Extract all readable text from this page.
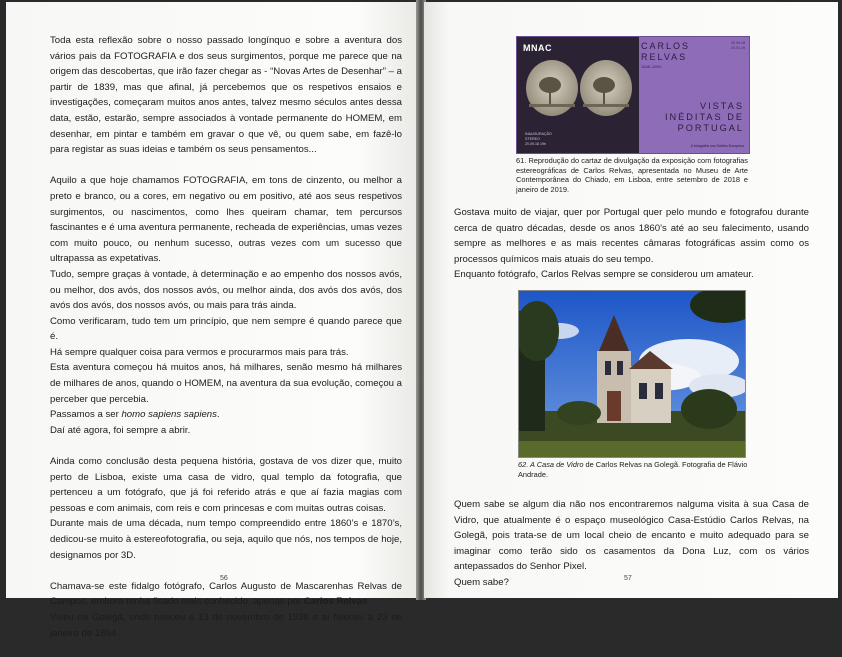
Toda esta reflexão sobre o nosso passado longínquo e sobre a aventura dos vários pais da FOTOGRAFIA e dos seus surgimentos, porque me parece que na origem das descobertas, que irão fazer chegar as - “Novas Artes de Desenhar” – a partir de 1839, mas que afinal, já percebemos que os respetivos ensaios e investigações, começaram muitos anos antes, talvez mesmo séculos antes dessa data, estão, estarão, sempre associados à vontade permanente do HOMEM, em desenhar, em pintar e também em gravar o que vê, ou quem sabe, em fazê-lo para registar as suas ideias e também os seus pensamentos...

Aquilo a que hoje chamamos FOTOGRAFIA, em tons de cinzento, ou melhor a preto e branco, ou a cores, em negativo ou em positivo, até aos seus respetivos surgimentos, ou nascimentos, como lhes queiram chamar, tem percursos fascinantes e é uma aventura permanente, recheada de experiências, umas vezes com muito pouco, ou nenhum sucesso, outras vezes com um sucesso que ultrapassa as expetativas.

Tudo, sempre graças à vontade, à determinação e ao empenho dos nossos avós, ou melhor, dos avós, dos nossos avós, ou melhor ainda, dos avós dos avós, dos avós dos avós, dos nossos avós, ou mais para trás ainda.

Como verificaram, tudo tem um princípio, que nem sempre é quando parece que é.

Há sempre qualquer coisa para vermos e procurarmos mais para trás.

Esta aventura começou há muitos anos, há milhares, senão mesmo há milhares de milhares de anos, quando o HOMEM, na aventura da sua evolução, começou a perceber que percebia.

Passamos a ser homo sapiens sapiens.

Daí até agora, foi sempre a abrir.

Ainda como conclusão desta pequena história, gostava de vos dizer que, muito perto de Lisboa, existe uma casa de vidro, qual templo da fotografia, que pertenceu a um fotógrafo, que já foi referido atrás e que aí fazia magias com pessoas e com animais, com reis e com princesas e com muitas outras coisas.

Durante mais de uma década, num tempo compreendido entre 1860’s e 1870’s, dedicou-se muito à estereofotografia, ou seja, aquilo que nós, nos tempos de hoje, designamos por 3D.

Chamava-se este fidalgo fotógrafo, Carlos Augusto de Mascarenhas Relvas de Campos, embora tenha ficado mais conhecido, apenas por Carlos Relvas.

Viveu na Golegã, onde nasceu a 13 de novembro de 1938 e aí faleceu a 23 de janeiro de 1894.

56
MNAC
INAUGURAÇÃO
STEREO
20.09.18 19h
CARLOS RELVAS
1848–1894
20.09.18
20.01.19
VISTAS INÉDITAS DE PORTUGAL
A fotografia nos Salões Europeus
61. Reprodução do cartaz de divulgação da exposição com fotografias estereográficas de Carlos Relvas, apresentada no Museu de Arte Contemporânea do Chiado, em Lisboa, entre setembro de 2018 e janeiro de 2019.

Gostava muito de viajar, quer por Portugal quer pelo mundo e fotografou durante cerca de quatro décadas, desde os anos 1860’s até ao seu falecimento, usando sempre as melhores e as mais recentes câmaras fotográficas assim como os processos químicos mais atuais do seu tempo.

Enquanto fotógrafo, Carlos Relvas sempre se considerou um amateur.

62. A Casa de Vidro de Carlos Relvas na Golegã. Fotografia de Flávio Andrade.

Quem sabe se algum dia não nos encontraremos nalguma visita à sua Casa de Vidro, que atualmente é o espaço museológico Casa-Estúdio Carlos Relvas, na Golegã, pois trata-se de um local cheio de encanto e muito adequado para se imaginar como terão sido os casamentos da Dona Luz, com os vários antepassados do Senhor Pixel.

Quem sabe?	57
